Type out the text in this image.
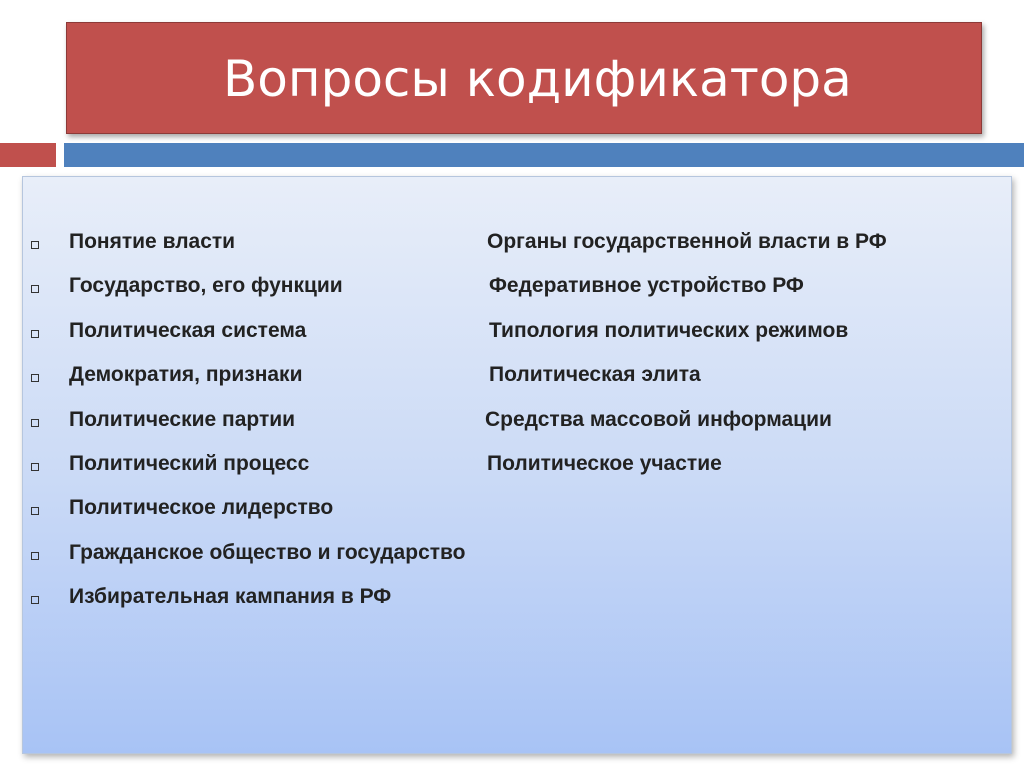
Вопросы кодификатора
Понятие власти	Органы государственной власти в РФ
Государство, его функции	Федеративное устройство РФ
Политическая система	Типология политических режимов
Демократия, признаки	Политическая элита
Политические партии	Средства массовой информации
Политический процесс	Политическое участие
Политическое лидерство
Гражданское общество и государство
Избирательная кампания в РФ
